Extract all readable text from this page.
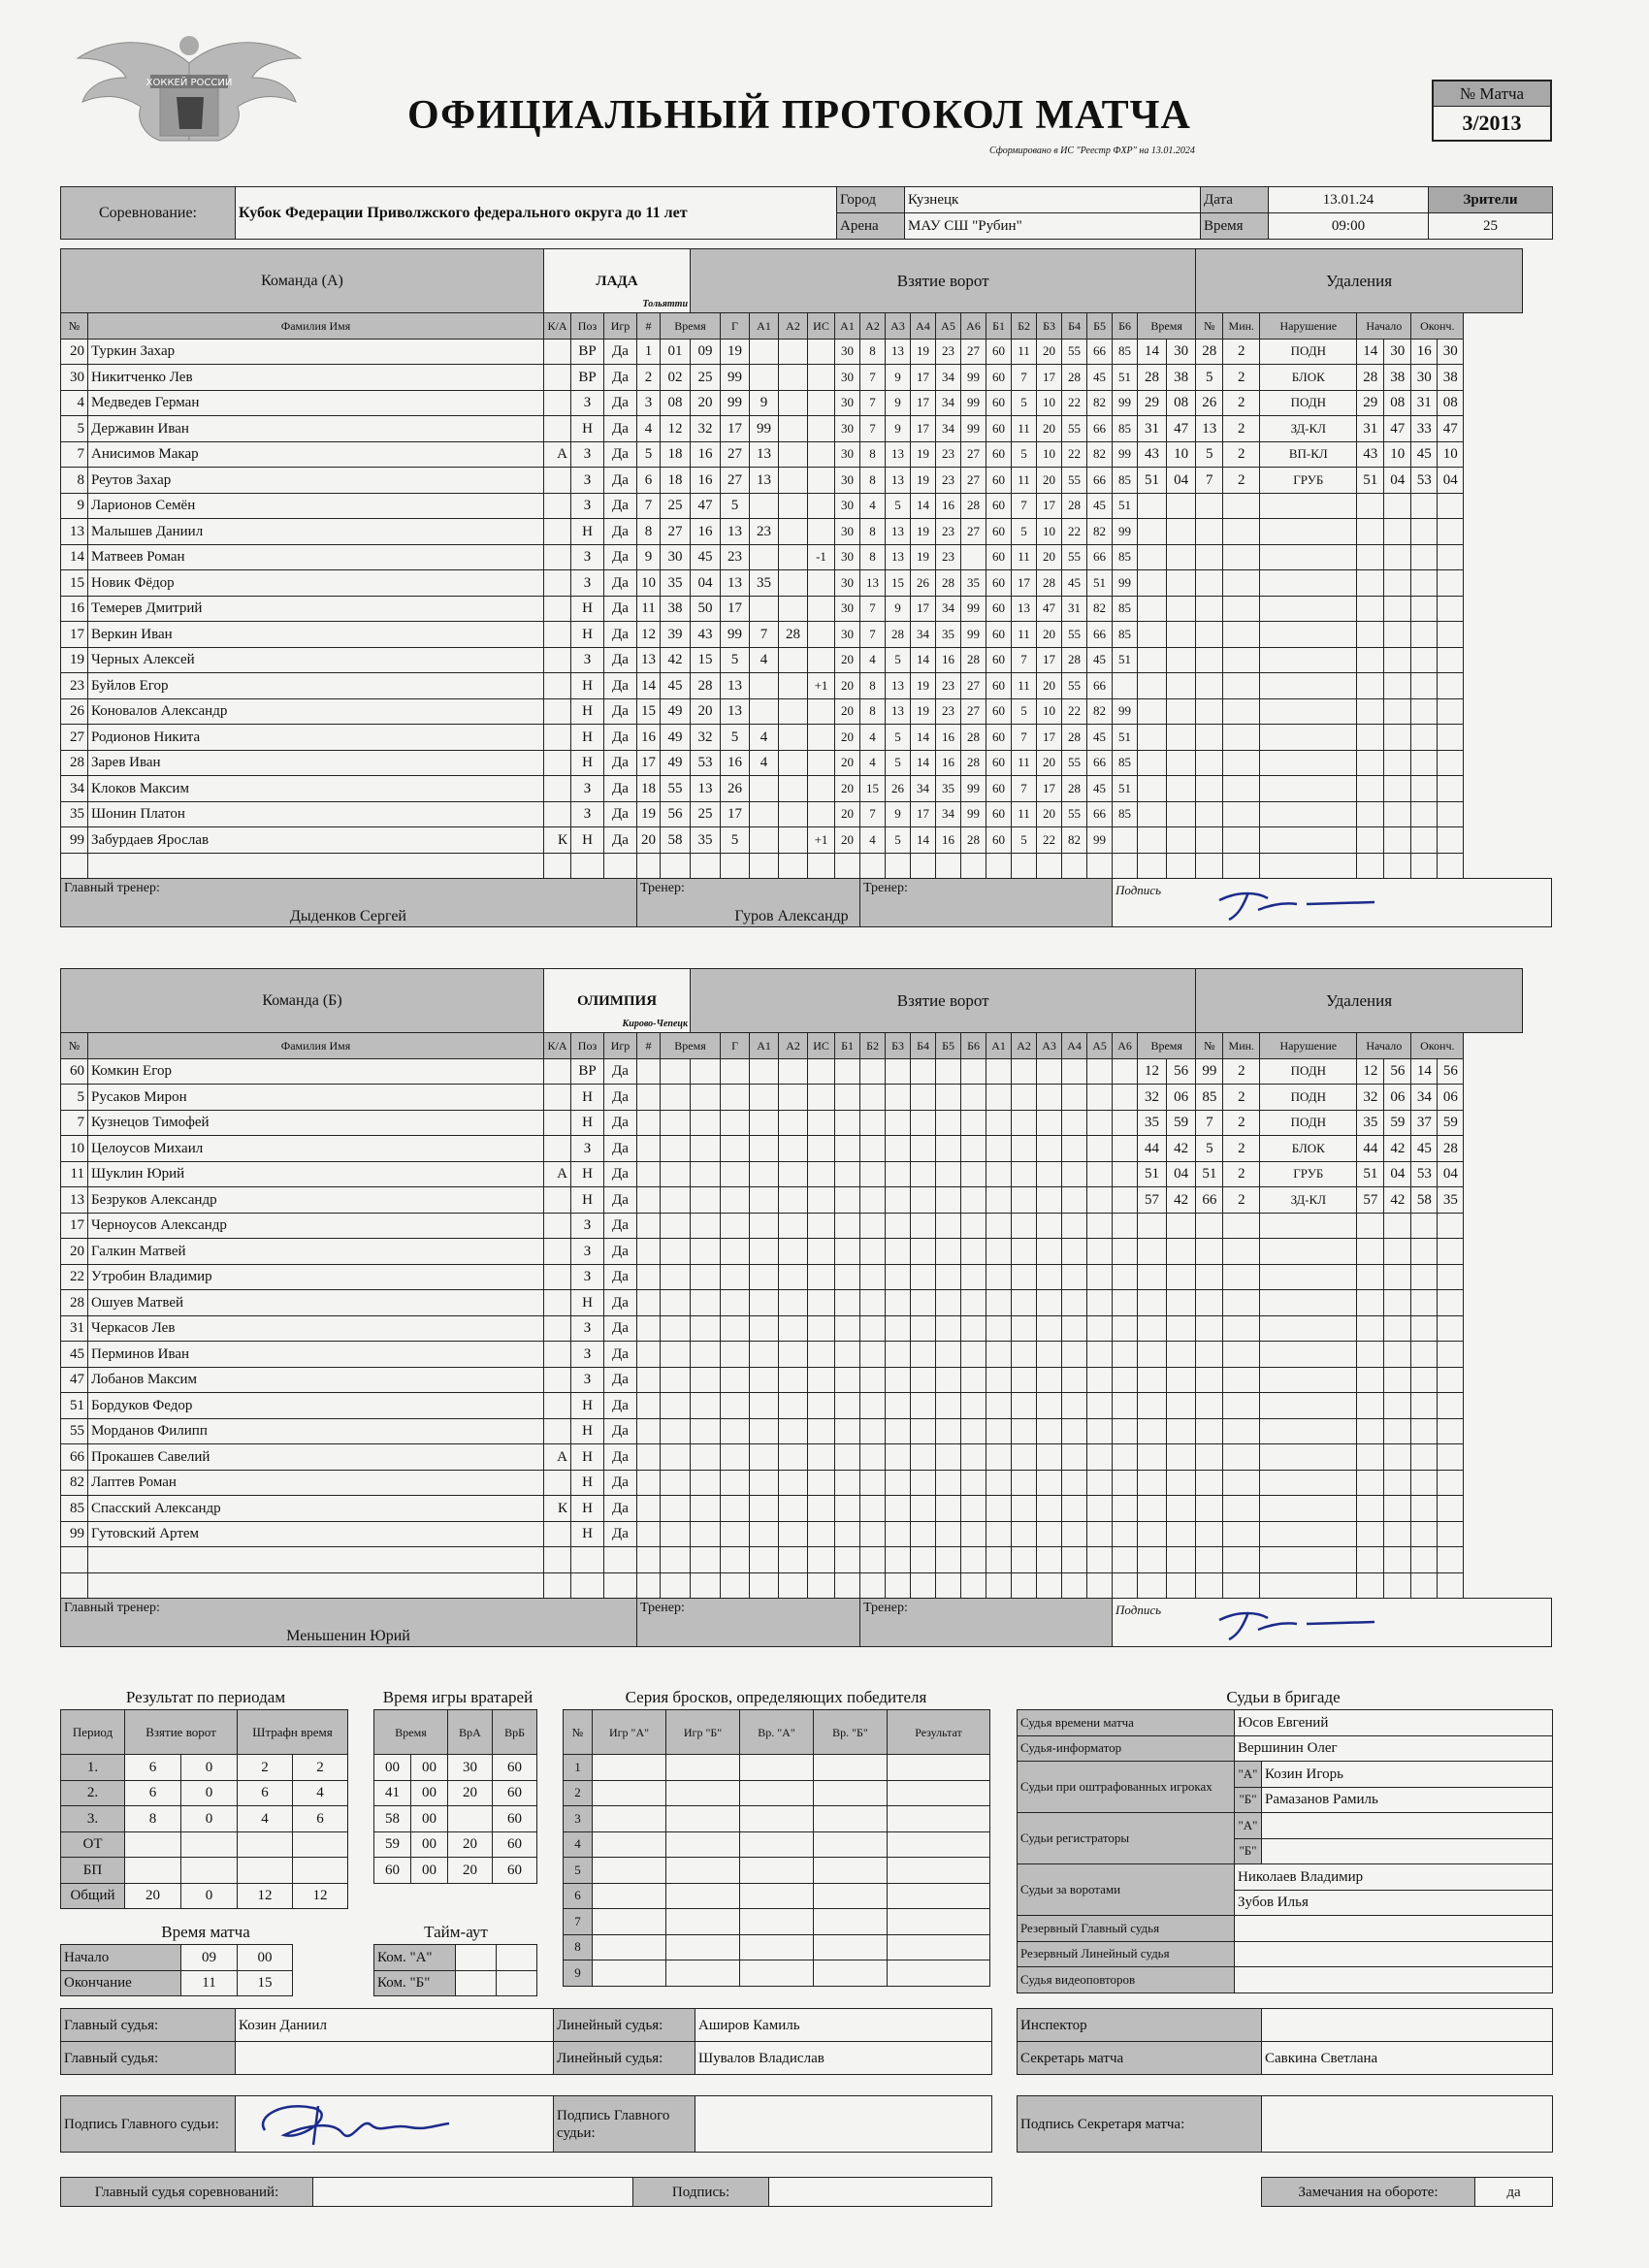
ХОККЕЙ РОССИИ
ОФИЦИАЛЬНЫЙ ПРОТОКОЛ МАТЧА
Сформировано в ИС "Реестр ФХР" на 13.01.2024
№ Матча
3/2013
Соревнование:	Кубок Федерации Приволжского федерального округа до 11 лет	Город	Кузнецк	Дата	13.01.24	Зрители
		Арена	МАУ СШ "Рубин"	Время	09:00	25
Команда (А)		ЛАДА
Тольятти					Взятие ворот																			Удаления						
№	Фамилия Имя	К/А	Поз	Игр	#	Время		Г	А1	А2	ИС	А1	А2	А3	А4	А5	А6	Б1	Б2	Б3	Б4	Б5	Б6	Время		№	Мин.	Нарушение	Начало		Оконч.	
20	Туркин Захар		ВР	Да	1	01	09	19				30	8	13	19	23	27	60	11	20	55	66	85	14	30	28	2	ПОДН	14	30	16	30
30	Никитченко Лев		ВР	Да	2	02	25	99				30	7	9	17	34	99	60	7	17	28	45	51	28	38	5	2	БЛОК	28	38	30	38
4	Медведев Герман		З	Да	3	08	20	99	9			30	7	9	17	34	99	60	5	10	22	82	99	29	08	26	2	ПОДН	29	08	31	08
5	Державин Иван		Н	Да	4	12	32	17	99			30	7	9	17	34	99	60	11	20	55	66	85	31	47	13	2	ЗД-КЛ	31	47	33	47
7	Анисимов Макар	А	З	Да	5	18	16	27	13			30	8	13	19	23	27	60	5	10	22	82	99	43	10	5	2	ВП-КЛ	43	10	45	10
8	Реутов Захар		З	Да	6	18	16	27	13			30	8	13	19	23	27	60	11	20	55	66	85	51	04	7	2	ГРУБ	51	04	53	04
9	Ларионов Семён		З	Да	7	25	47	5				30	4	5	14	16	28	60	7	17	28	45	51									
13	Малышев Даниил		Н	Да	8	27	16	13	23			30	8	13	19	23	27	60	5	10	22	82	99									
14	Матвеев Роман		З	Да	9	30	45	23			-1	30	8	13	19	23		60	11	20	55	66	85									
15	Новик Фёдор		З	Да	10	35	04	13	35			30	13	15	26	28	35	60	17	28	45	51	99									
16	Темерев Дмитрий		Н	Да	11	38	50	17				30	7	9	17	34	99	60	13	47	31	82	85									
17	Веркин Иван		Н	Да	12	39	43	99	7	28		30	7	28	34	35	99	60	11	20	55	66	85									
19	Черных Алексей		З	Да	13	42	15	5	4			20	4	5	14	16	28	60	7	17	28	45	51									
23	Буйлов Егор		Н	Да	14	45	28	13			+1	20	8	13	19	23	27	60	11	20	55	66										
26	Коновалов Александр		Н	Да	15	49	20	13				20	8	13	19	23	27	60	5	10	22	82	99									
27	Родионов Никита		Н	Да	16	49	32	5	4			20	4	5	14	16	28	60	7	17	28	45	51									
28	Зарев Иван		Н	Да	17	49	53	16	4			20	4	5	14	16	28	60	11	20	55	66	85									
34	Клоков Максим		З	Да	18	55	13	26				20	15	26	34	35	99	60	7	17	28	45	51									
35	Шонин Платон		З	Да	19	56	25	17				20	7	9	17	34	99	60	11	20	55	66	85									
99	Забурдаев Ярослав	К	Н	Да	20	58	35	5			+1	20	4	5	14	16	28	60	5	22	82	99										

Главный тренер:					Тренер:								Тренер:										Подпись									
Дыденков Сергей	Гуров Александр
Команда (Б)		ОЛИМПИЯ
Кирово-Чепецк					Взятие ворот																			Удаления						
№	Фамилия Имя	К/А	Поз	Игр	#	Время		Г	А1	А2	ИС	Б1	Б2	Б3	Б4	Б5	Б6	А1	А2	А3	А4	А5	А6	Время		№	Мин.	Нарушение	Начало		Оконч.	
60	Комкин Егор		ВР	Да																				12	56	99	2	ПОДН	12	56	14	56
5	Русаков Мирон		Н	Да																				32	06	85	2	ПОДН	32	06	34	06
7	Кузнецов Тимофей		Н	Да																				35	59	7	2	ПОДН	35	59	37	59
10	Целоусов Михаил		З	Да																				44	42	5	2	БЛОК	44	42	45	28
11	Шуклин Юрий	А	Н	Да																				51	04	51	2	ГРУБ	51	04	53	04
13	Безруков Александр		Н	Да																				57	42	66	2	ЗД-КЛ	57	42	58	35
17	Черноусов Александр		З	Да																												
20	Галкин Матвей		З	Да																												
22	Утробин Владимир		З	Да																												
28	Ошуев Матвей		Н	Да																												
31	Черкасов Лев		З	Да																												
45	Перминов Иван		З	Да																												
47	Лобанов Максим		З	Да																												
51	Бордуков Федор		Н	Да																												
55	Морданов Филипп		Н	Да																												
66	Прокашев Савелий	А	Н	Да																												
82	Лаптев Роман		Н	Да																												
85	Спасский Александр	К	Н	Да																												
99	Гутовский Артем		Н	Да																												

Главный тренер:					Тренер:								Тренер:										Подпись									
Меньшенин Юрий
Результат по периодам
Период	Взятие ворот		Штрафн время	
1.	6	0	2	2
2.	6	0	6	4
3.	8	0	4	6
ОТ				
БП				
Общий	20	0	12	12
Время игры вратарей
Время		ВрА	ВрБ
00	00	30	60
41	00	20	60
58	00		60
59	00	20	60
60	00	20	60
Серия бросков, определяющих победителя
№	Игр "А"	Игр "Б"	Вр. "А"	Вр. "Б"	Результат
1					
2					
3					
4					
5					
6					
7					
8					
9					
Время матча
Начало	09	00	
Окончание	11	15	
Тайм-аут
Ком. "А"		
Ком. "Б"		
Судьи в бригаде
Судья времени матча	Юсов Евгений	
Судья-информатор	Вершинин Олег	
Судьи при оштрафованных игроках	"А"	Козин Игорь
	"Б"	Рамазанов Рамиль
Судьи регистраторы	"А"	
	"Б"	
Судьи за воротами	Николаев Владимир	
	Зубов Илья	
Резервный Главный судья		
Резервный Линейный судья		
Судья видеоповторов		
Главный судья:	Козин Даниил	Линейный судья:	Аширов Камиль
Главный судья:		Линейный судья:	Шувалов Владислав
Инспектор	
Секретарь матча	Савкина Светлана
Подпись Главного судьи:	
	Подпись Главного судьи:	
Подпись Секретаря матча:	
Главный судья соревнований:		Подпись:		Замечания на обороте:	да
